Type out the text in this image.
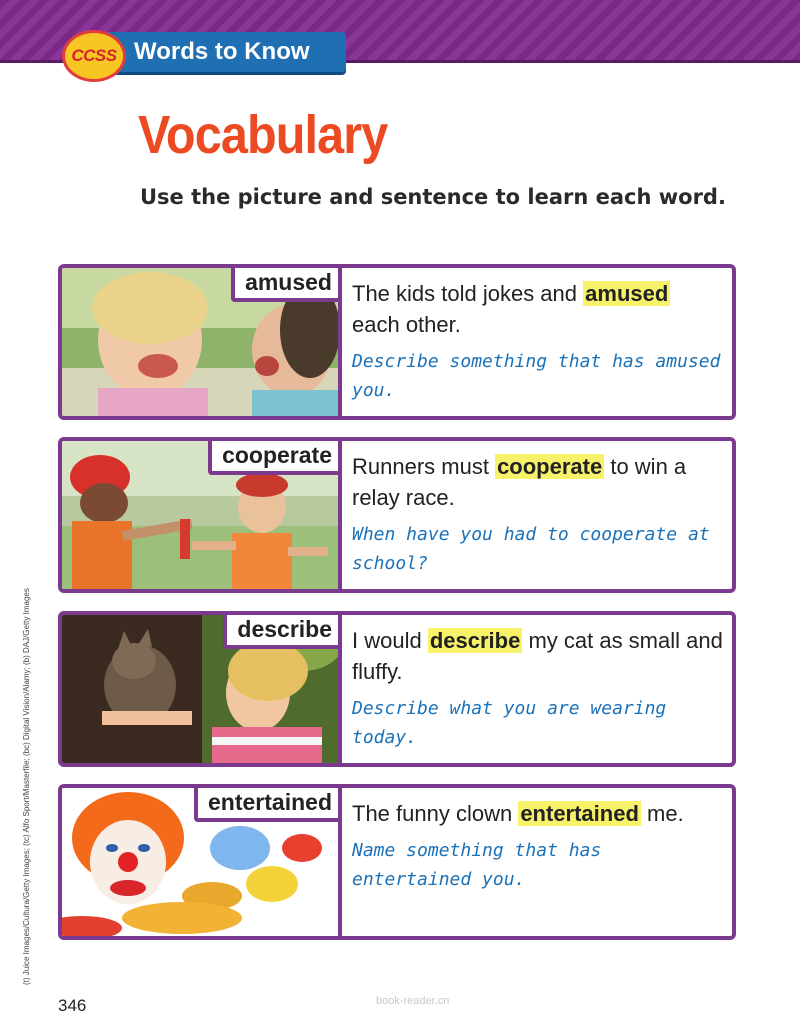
CCSS Words to Know
Vocabulary
Use the picture and sentence to learn each word.
amused The kids told jokes and amused each other.
Describe something that has amused you.
cooperate Runners must cooperate to win a relay race.
When have you had to cooperate at school?
describe I would describe my cat as small and fluffy.
Describe what you are wearing today.
entertained The funny clown entertained me.
Name something that has entertained you.
(t) Juice Images/Cultura/Getty Images; (tc) Alfo Sport/Masterfile; (bc) Digital Vision/Alamy; (b) DAJ/Getty Images
346	book-reader.cn
